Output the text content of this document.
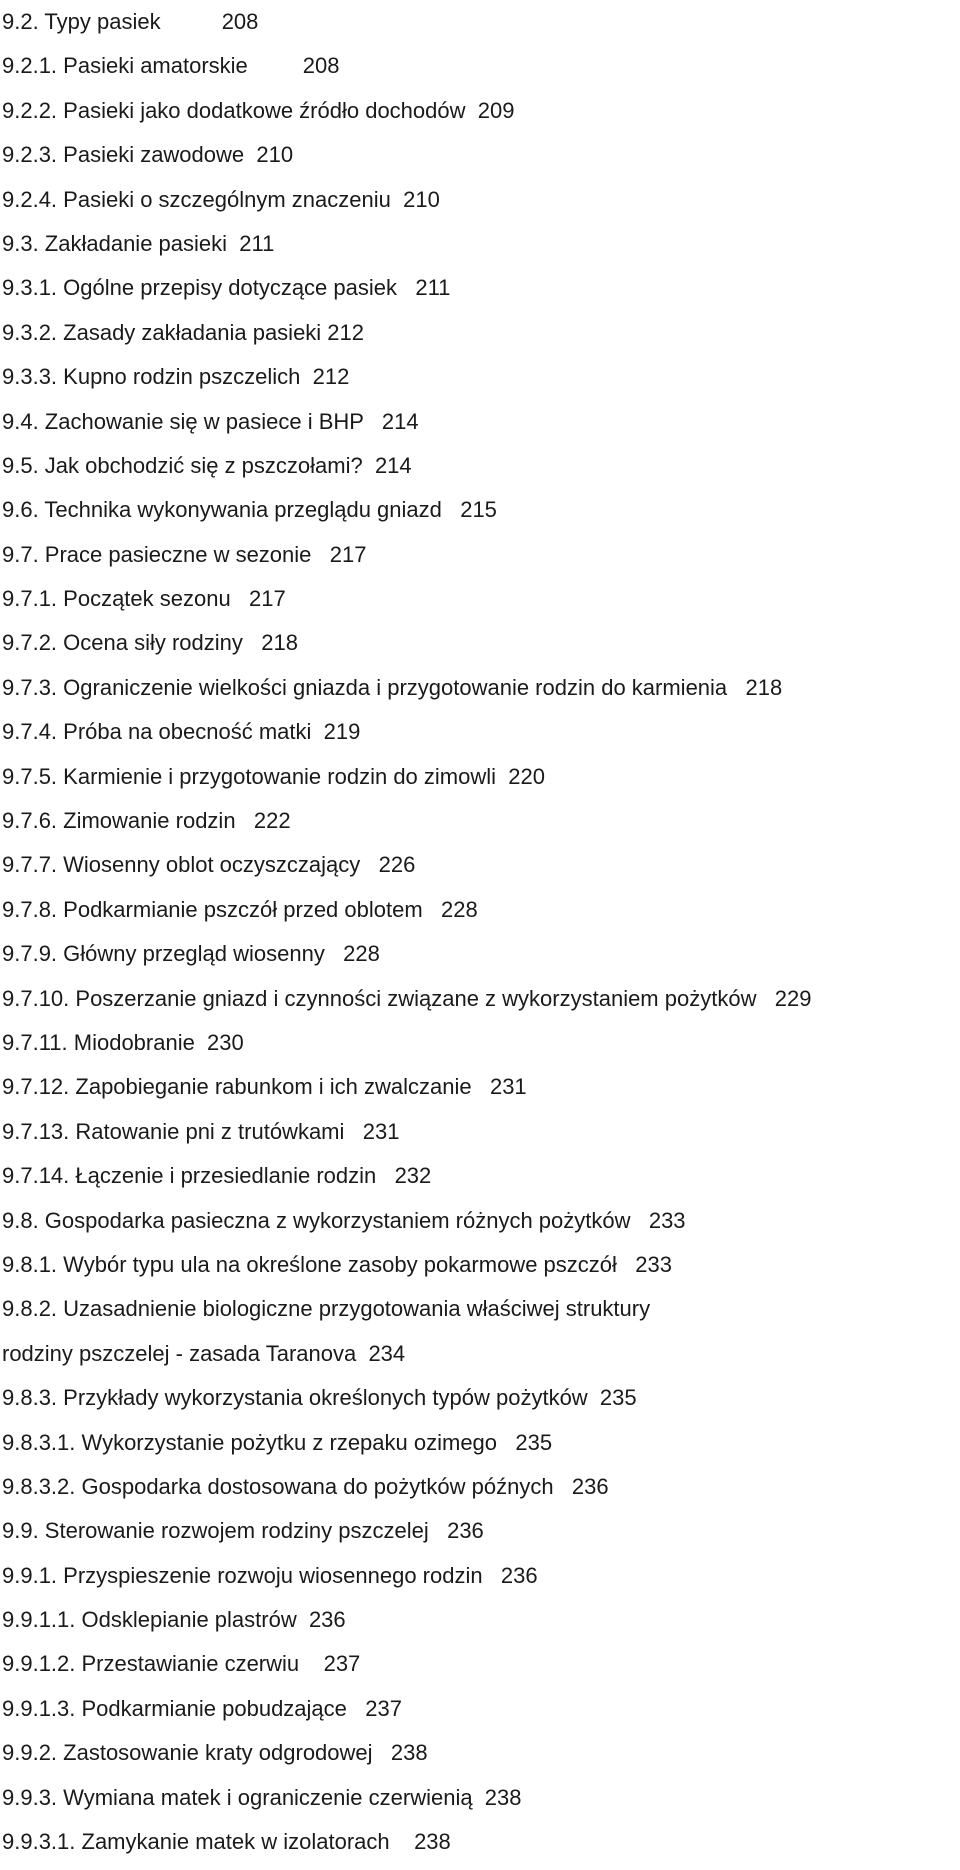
9.2. Typy pasiek          208
9.2.1. Pasieki amatorskie         208
9.2.2. Pasieki jako dodatkowe źródło dochodów  209
9.2.3. Pasieki zawodowe  210
9.2.4. Pasieki o szczególnym znaczeniu  210
9.3. Zakładanie pasieki  211
9.3.1. Ogólne przepisy dotyczące pasiek   211
9.3.2. Zasady zakładania pasieki 212
9.3.3. Kupno rodzin pszczelich  212
9.4. Zachowanie się w pasiece i BHP   214
9.5. Jak obchodzić się z pszczołami?  214
9.6. Technika wykonywania przeglądu gniazd   215
9.7. Prace pasieczne w sezonie   217
9.7.1. Początek sezonu   217
9.7.2. Ocena siły rodziny   218
9.7.3. Ograniczenie wielkości gniazda i przygotowanie rodzin do karmienia   218
9.7.4. Próba na obecność matki  219
9.7.5. Karmienie i przygotowanie rodzin do zimowli  220
9.7.6. Zimowanie rodzin   222
9.7.7. Wiosenny oblot oczyszczający   226
9.7.8. Podkarmianie pszczół przed oblotem   228
9.7.9. Główny przegląd wiosenny   228
9.7.10. Poszerzanie gniazd i czynności związane z wykorzystaniem pożytków   229
9.7.11. Miodobranie  230
9.7.12. Zapobieganie rabunkom i ich zwalczanie   231
9.7.13. Ratowanie pni z trutówkami   231
9.7.14. Łączenie i przesiedlanie rodzin   232
9.8. Gospodarka pasieczna z wykorzystaniem różnych pożytków   233
9.8.1. Wybór typu ula na określone zasoby pokarmowe pszczół   233
9.8.2. Uzasadnienie biologiczne przygotowania właściwej struktury
rodziny pszczelej - zasada Taranova  234
9.8.3. Przykłady wykorzystania określonych typów pożytków  235
9.8.3.1. Wykorzystanie pożytku z rzepaku ozimego   235
9.8.3.2. Gospodarka dostosowana do pożytków późnych   236
9.9. Sterowanie rozwojem rodziny pszczelej   236
9.9.1. Przyspieszenie rozwoju wiosennego rodzin   236
9.9.1.1. Odsklepianie plastrów  236
9.9.1.2. Przestawianie czerwiu    237
9.9.1.3. Podkarmianie pobudzające   237
9.9.2. Zastosowanie kraty odgrodowej   238
9.9.3. Wymiana matek i ograniczenie czerwienią  238
9.9.3.1. Zamykanie matek w izolatorach    238
